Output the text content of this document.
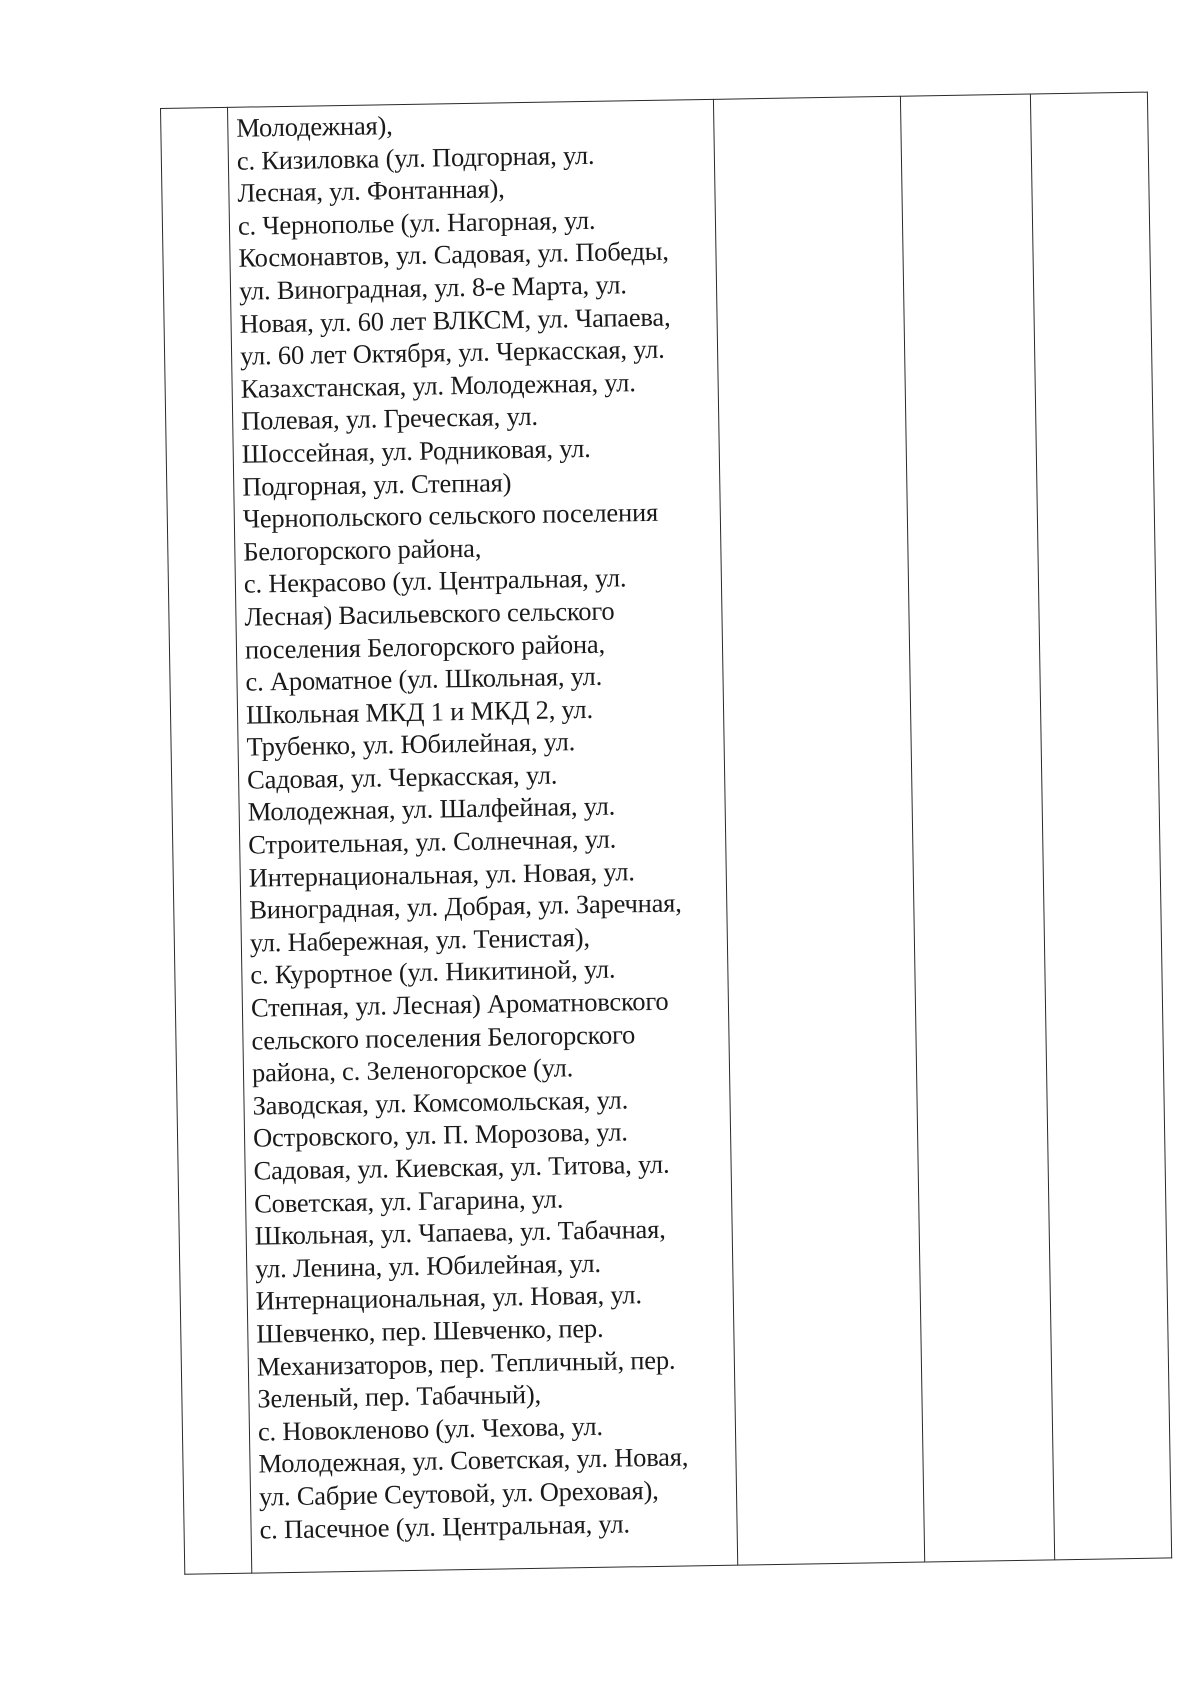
Молодежная),
с. Кизиловка (ул. Подгорная, ул.
Лесная, ул. Фонтанная),
с. Чернополье (ул. Нагорная, ул.
Космонавтов, ул. Садовая, ул. Победы,
ул. Виноградная, ул. 8-е Марта, ул.
Новая, ул. 60 лет ВЛКСМ, ул. Чапаева,
ул. 60 лет Октября, ул. Черкасская, ул.
Казахстанская, ул. Молодежная, ул.
Полевая, ул. Греческая, ул.
Шоссейная, ул. Родниковая, ул.
Подгорная, ул. Степная)
Чернопольского сельского поселения
Белогорского района,
с. Некрасово (ул. Центральная, ул.
Лесная) Васильевского сельского
поселения Белогорского района,
с. Ароматное (ул. Школьная, ул.
Школьная МКД 1 и МКД 2, ул.
Трубенко, ул. Юбилейная, ул.
Садовая, ул. Черкасская, ул.
Молодежная, ул. Шалфейная, ул.
Строительная, ул. Солнечная, ул.
Интернациональная, ул. Новая, ул.
Виноградная, ул. Добрая, ул. Заречная,
ул. Набережная, ул. Тенистая),
с. Курортное (ул. Никитиной, ул.
Степная, ул. Лесная) Ароматновского
сельского поселения Белогорского
района, с. Зеленогорское (ул.
Заводская, ул. Комсомольская, ул.
Островского, ул. П. Морозова, ул.
Садовая, ул. Киевская, ул. Титова, ул.
Советская, ул. Гагарина, ул.
Школьная, ул. Чапаева, ул. Табачная,
ул. Ленина, ул. Юбилейная, ул.
Интернациональная, ул. Новая, ул.
Шевченко, пер. Шевченко, пер.
Механизаторов, пер. Тепличный, пер.
Зеленый, пер. Табачный),
с. Новокленово (ул. Чехова, ул.
Молодежная, ул. Советская, ул. Новая,
ул. Сабрие Сеутовой, ул. Ореховая),
с. Пасечное (ул. Центральная, ул.
